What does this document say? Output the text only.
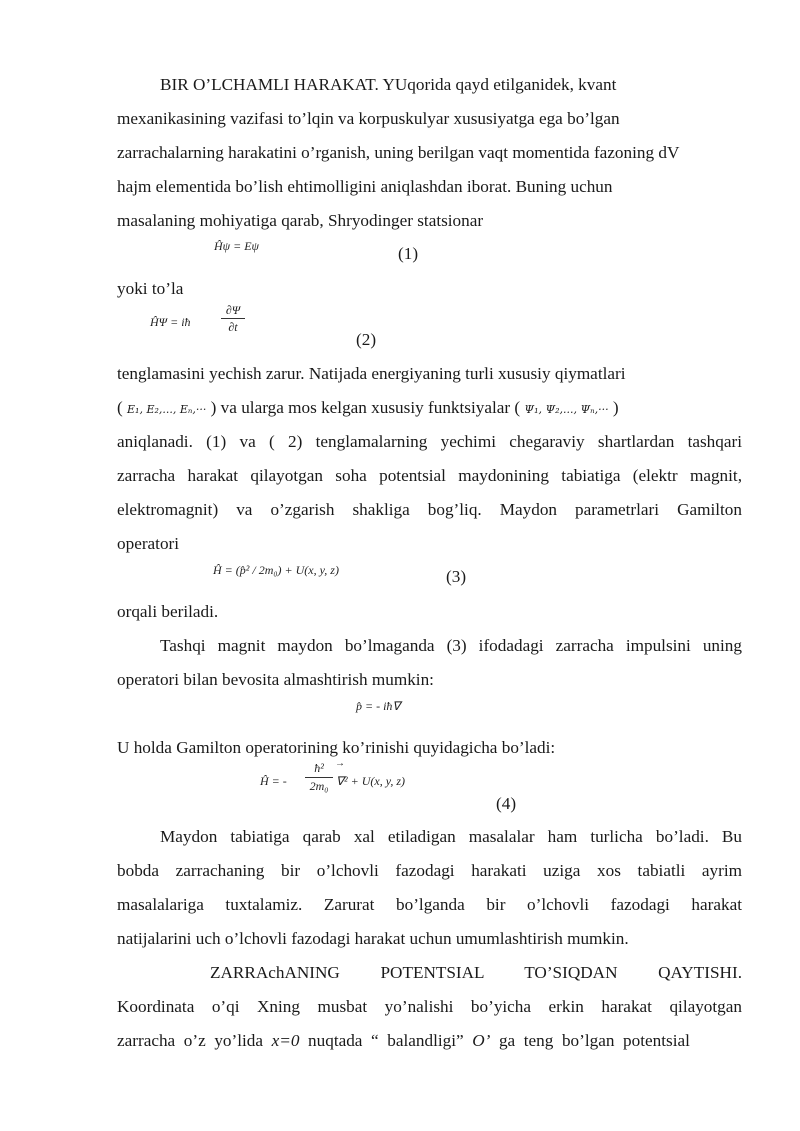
BIR O’LCHAMLI HARAKAT. YUqorida qayd etilganidek, kvant
mexanikasining vazifasi to’lqin va korpuskulyar xususiyatga ega bo’lgan
zarrachalarning harakatini o’rganish, uning berilgan vaqt momentida fazoning dV
hajm elementida bo’lish ehtimolligini aniqlashdan iborat. Buning uchun
masalaning mohiyatiga qarab, Shryodinger statsionar
Ĥψ = Eψ	(1)
yoki to’la
ĤΨ = iħ
∂Ψ
∂t
(2)
tenglamasini yechish zarur. Natijada energiyaning turli xususiy qiymatlari
( E₁, E₂,..., Eₙ,··· ) va ularga mos kelgan xususiy funktsiyalar ( Ψ₁, Ψ₂,..., Ψₙ,··· )
aniqlanadi. (1) va ( 2) tenglamalarning yechimi chegaraviy shartlardan tashqari
zarracha harakat qilayotgan soha potentsial maydonining tabiatiga (elektr magnit,
elektromagnit) va o’zgarish shakliga bog’liq. Maydon parametrlari Gamilton
operatori
Ĥ = (p̂² / 2m₀) + U(x, y, z)	(3)
orqali beriladi.
Tashqi magnit maydon bo’lmaganda (3) ifodadagi zarracha impulsini uning
operatori bilan bevosita almashtirish mumkin:
p̂ = - iħ∇
U holda Gamilton operatorining ko’rinishi quyidagicha bo’ladi:
Ĥ = -
ħ²
2m₀
→
∇² + U(x, y, z)
(4)
Maydon tabiatiga qarab xal etiladigan masalalar ham turlicha bo’ladi. Bu
bobda zarrachaning bir o’lchovli fazodagi harakati uziga xos tabiatli ayrim
masalalariga tuxtalamiz. Zarurat bo’lganda bir o’lchovli fazodagi harakat
natijalarini uch o’lchovli fazodagi harakat uchun umumlashtirish mumkin.
ZARRAchANING POTENTSIAL TO’SIQDAN QAYTISHI.
Koordinata o’qi Xning musbat yo’nalishi bo’yicha erkin harakat qilayotgan
zarracha  o’z  yo’lida  x=0  nuqtada  “  balandligi”  O’  ga  teng  bo’lgan  potentsial
